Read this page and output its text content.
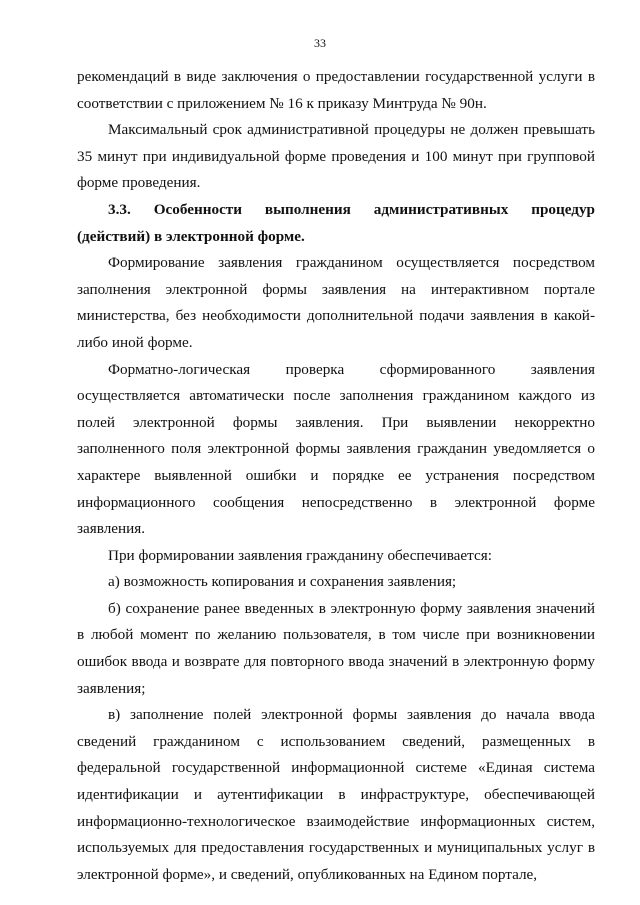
33

рекомендаций в виде заключения о предоставлении государственной услуги в соответствии с приложением № 16 к приказу Минтруда № 90н.

Максимальный срок административной процедуры не должен превышать 35 минут при индивидуальной форме проведения и 100 минут при групповой форме проведения.

3.3. Особенности выполнения административных процедур (действий) в электронной форме.

Формирование заявления гражданином осуществляется посредством заполнения электронной формы заявления на интерактивном портале министерства, без необходимости дополнительной подачи заявления в какой-либо иной форме.

Форматно-логическая проверка сформированного заявления осуществляется автоматически после заполнения гражданином каждого из полей электронной формы заявления. При выявлении некорректно заполненного поля электронной формы заявления гражданин уведомляется о характере выявленной ошибки и порядке ее устранения посредством информационного сообщения непосредственно в электронной форме заявления.

При формировании заявления гражданину обеспечивается:

а) возможность копирования и сохранения заявления;

б) сохранение ранее введенных в электронную форму заявления значений в любой момент по желанию пользователя, в том числе при возникновении ошибок ввода и возврате для повторного ввода значений в электронную форму заявления;

в) заполнение полей электронной формы заявления до начала ввода сведений гражданином с использованием сведений, размещенных в федеральной государственной информационной системе «Единая система идентификации и аутентификации в инфраструктуре, обеспечивающей информационно-технологическое взаимодействие информационных систем, используемых для предоставления государственных и муниципальных услуг в электронной форме», и сведений, опубликованных на Едином портале,
